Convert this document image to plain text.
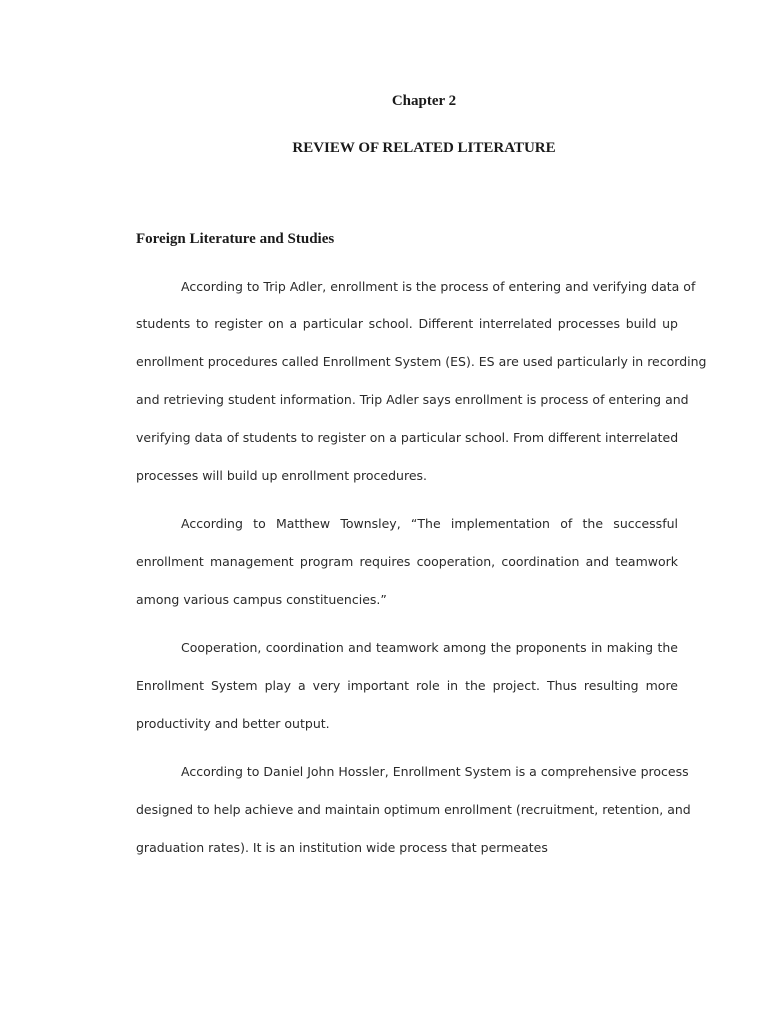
Chapter 2
REVIEW OF RELATED LITERATURE
Foreign Literature and Studies

According to Trip Adler, enrollment is the process of entering and verifying data of

students to register on a particular school. Different interrelated processes build up

enrollment procedures called Enrollment System (ES). ES are used particularly in recording

and retrieving student information. Trip Adler says enrollment is process of entering and

verifying data of students to register on a particular school. From different interrelated

processes will build up enrollment procedures.

According to Matthew Townsley, “The implementation of the successful

enrollment management program requires cooperation, coordination and teamwork

among various campus constituencies.”

Cooperation, coordination and teamwork among the proponents in making the

Enrollment System play a very important role in the project. Thus resulting more

productivity and better output.

According to Daniel John Hossler, Enrollment System is a comprehensive process

designed to help achieve and maintain optimum enrollment (recruitment, retention, and

graduation rates). It is an institution wide process that permeates
